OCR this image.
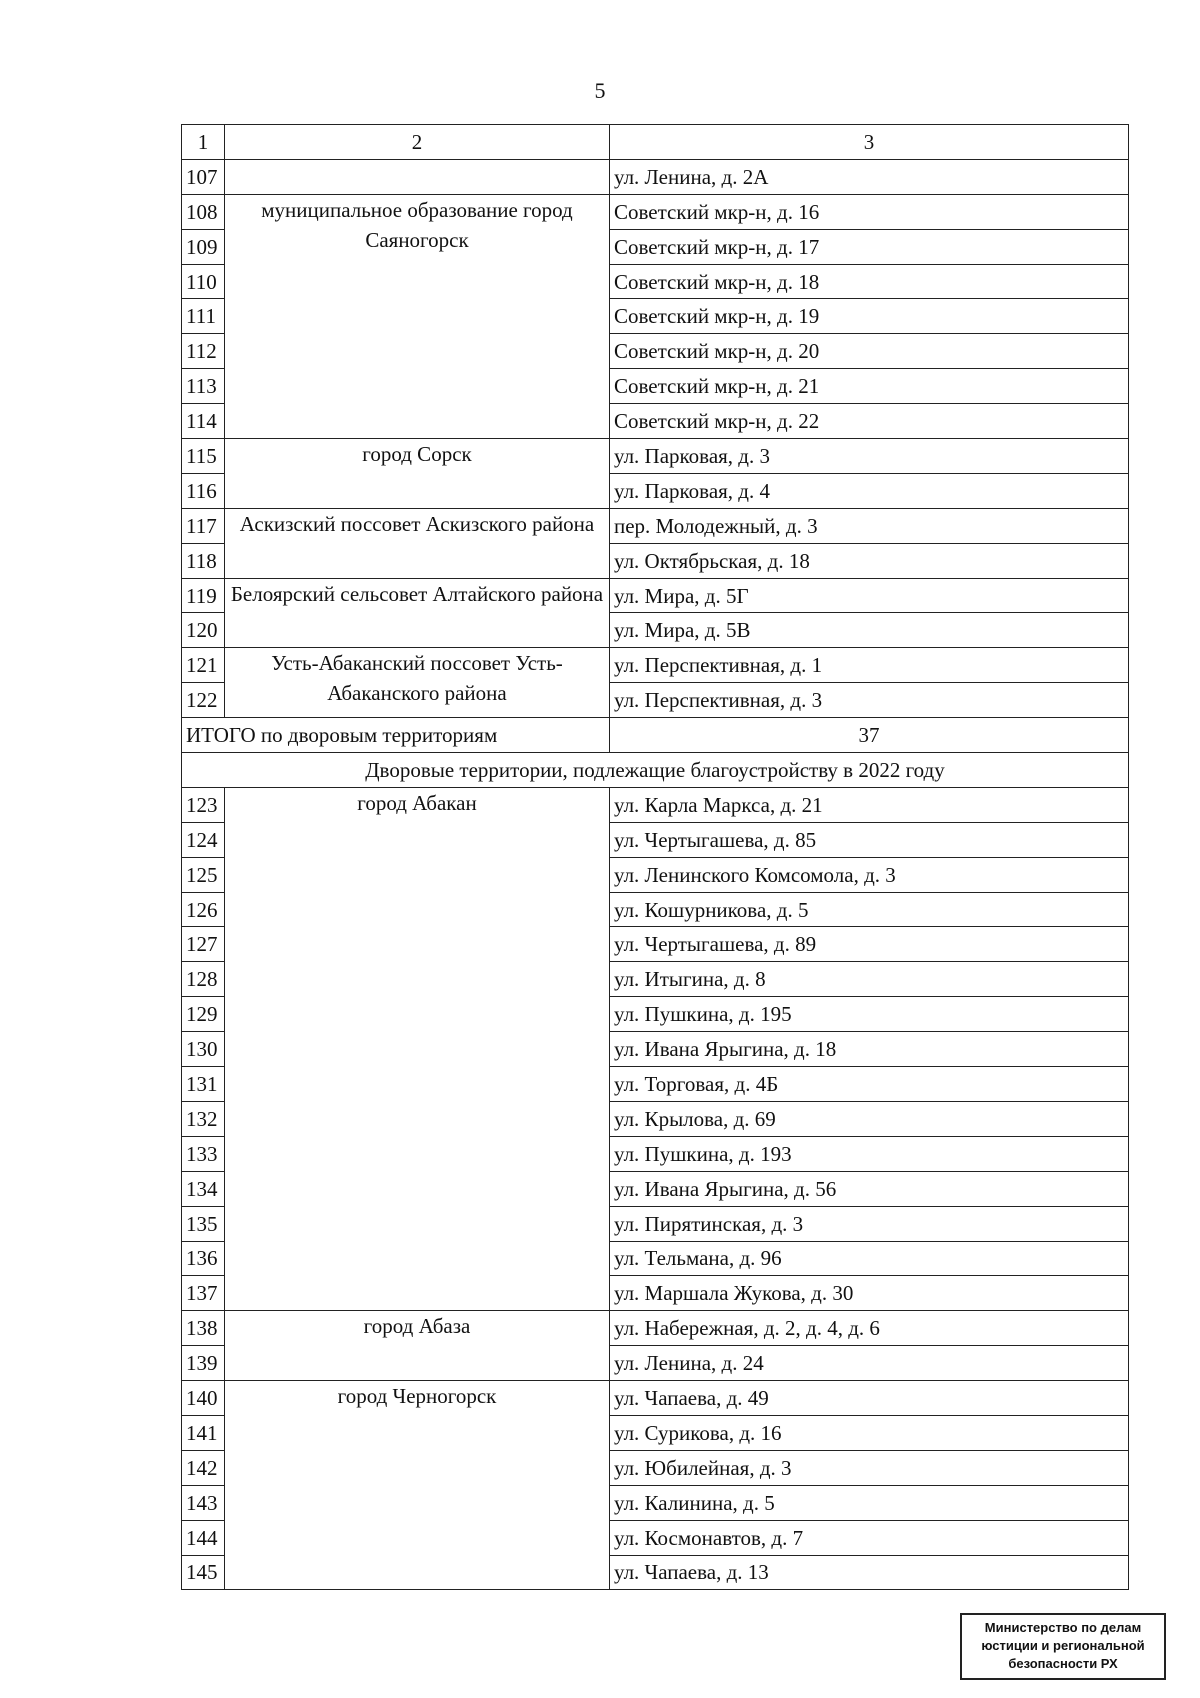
5
1	2	3
107		ул. Ленина, д. 2А
108	муниципальное образование город Саяногорск	Советский мкр-н, д. 16
109		Советский мкр-н, д. 17
110		Советский мкр-н, д. 18
111		Советский мкр-н, д. 19
112		Советский мкр-н, д. 20
113		Советский мкр-н, д. 21
114		Советский мкр-н, д. 22
115	город Сорск	ул. Парковая, д. 3
116		ул. Парковая, д. 4
117	Аскизский поссовет Аскизского района	пер. Молодежный, д. 3
118		ул. Октябрьская, д. 18
119	Белоярский сельсовет Алтайского района	ул. Мира, д. 5Г
120		ул. Мира, д. 5В
121	Усть-Абаканский поссовет Усть-Абаканского района	ул. Перспективная, д. 1
122		ул. Перспективная, д. 3
ИТОГО по дворовым территориям		37
Дворовые территории, подлежащие благоустройству в 2022 году		
123	город Абакан	ул. Карла Маркса, д. 21
124		ул. Чертыгашева, д. 85
125		ул. Ленинского Комсомола, д. 3
126		ул. Кошурникова, д. 5
127		ул. Чертыгашева, д. 89
128		ул. Итыгина, д. 8
129		ул. Пушкина, д. 195
130		ул. Ивана Ярыгина, д. 18
131		ул. Торговая, д. 4Б
132		ул. Крылова, д. 69
133		ул. Пушкина, д. 193
134		ул. Ивана Ярыгина, д. 56
135		ул. Пирятинская, д. 3
136		ул. Тельмана, д. 96
137		ул. Маршала Жукова, д. 30
138	город Абаза	ул. Набережная, д. 2, д. 4, д. 6
139		ул. Ленина, д. 24
140	город Черногорск	ул. Чапаева, д. 49
141		ул. Сурикова, д. 16
142		ул. Юбилейная, д. 3
143		ул. Калинина, д. 5
144		ул. Космонавтов, д. 7
145		ул. Чапаева, д. 13
Министерство по делам
юстиции и региональной
безопасности РХ
